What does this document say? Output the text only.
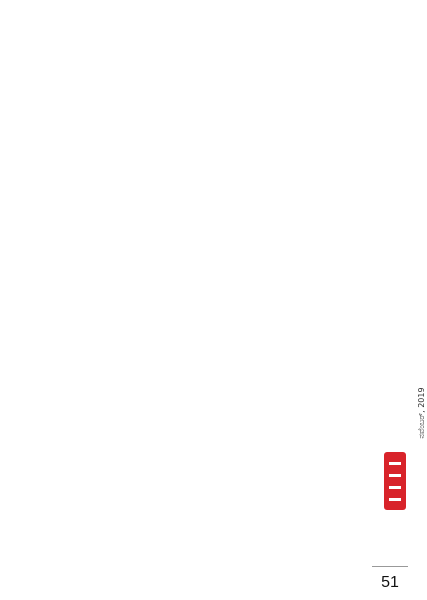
ನವೆಂಬರ್, 2019
51
